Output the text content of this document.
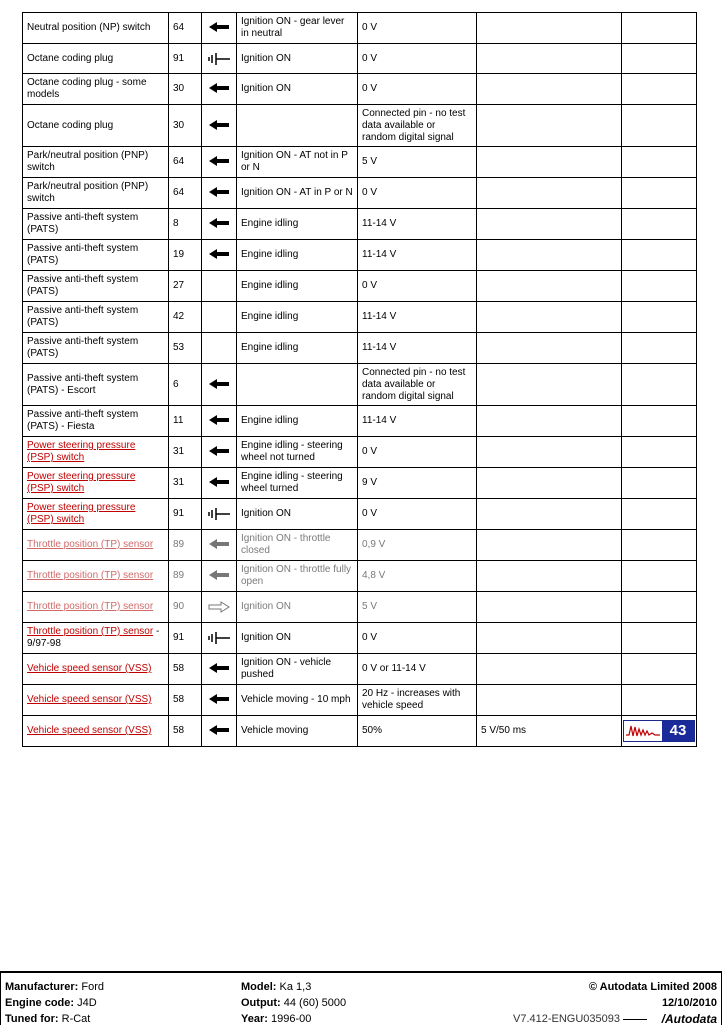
Neutral position (NP) switch	64		Ignition ON - gear lever in neutral	0 V		
Octane coding plug	91		Ignition ON	0 V		
Octane coding plug - some models	30		Ignition ON	0 V		
Octane coding plug	30			Connected pin - no test data available or random digital signal		
Park/neutral position (PNP) switch	64		Ignition ON - AT not in P or N	5 V		
Park/neutral position (PNP) switch	64		Ignition ON - AT in P or N	0 V		
Passive anti-theft system (PATS)	8		Engine idling	11-14 V		
Passive anti-theft system (PATS)	19		Engine idling	11-14 V		
Passive anti-theft system (PATS)	27		Engine idling	0 V		
Passive anti-theft system (PATS)	42		Engine idling	11-14 V		
Passive anti-theft system (PATS)	53		Engine idling	11-14 V		
Passive anti-theft system (PATS) - Escort	6			Connected pin - no test data available or random digital signal		
Passive anti-theft system (PATS) - Fiesta	11		Engine idling	11-14 V		
Power steering pressure (PSP) switch	31		Engine idling - steering wheel not turned	0 V		
Power steering pressure (PSP) switch	31		Engine idling - steering wheel turned	9 V		
Power steering pressure (PSP) switch	91		Ignition ON	0 V		
Throttle position (TP) sensor	89		Ignition ON - throttle closed	0,9 V		
Throttle position (TP) sensor	89		Ignition ON - throttle fully open	4,8 V		
Throttle position (TP) sensor	90		Ignition ON	5 V		
Throttle position (TP) sensor - 9/97-98	91		Ignition ON	0 V		
Vehicle speed sensor (VSS)	58		Ignition ON - vehicle pushed	0 V or 11-14 V		
Vehicle speed sensor (VSS)	58		Vehicle moving - 10 mph	20 Hz - increases with vehicle speed		
Vehicle speed sensor (VSS)	58		Vehicle moving	50%	5 V/50 ms	43
Manufacturer: Ford
Engine code: J4D
Tuned for: R-Cat
Model: Ka 1,3
Output: 44 (60) 5000
Year: 1996-00
© Autodata Limited 2008
12/10/2010
V7.412-ENGU035093	/Autodata
